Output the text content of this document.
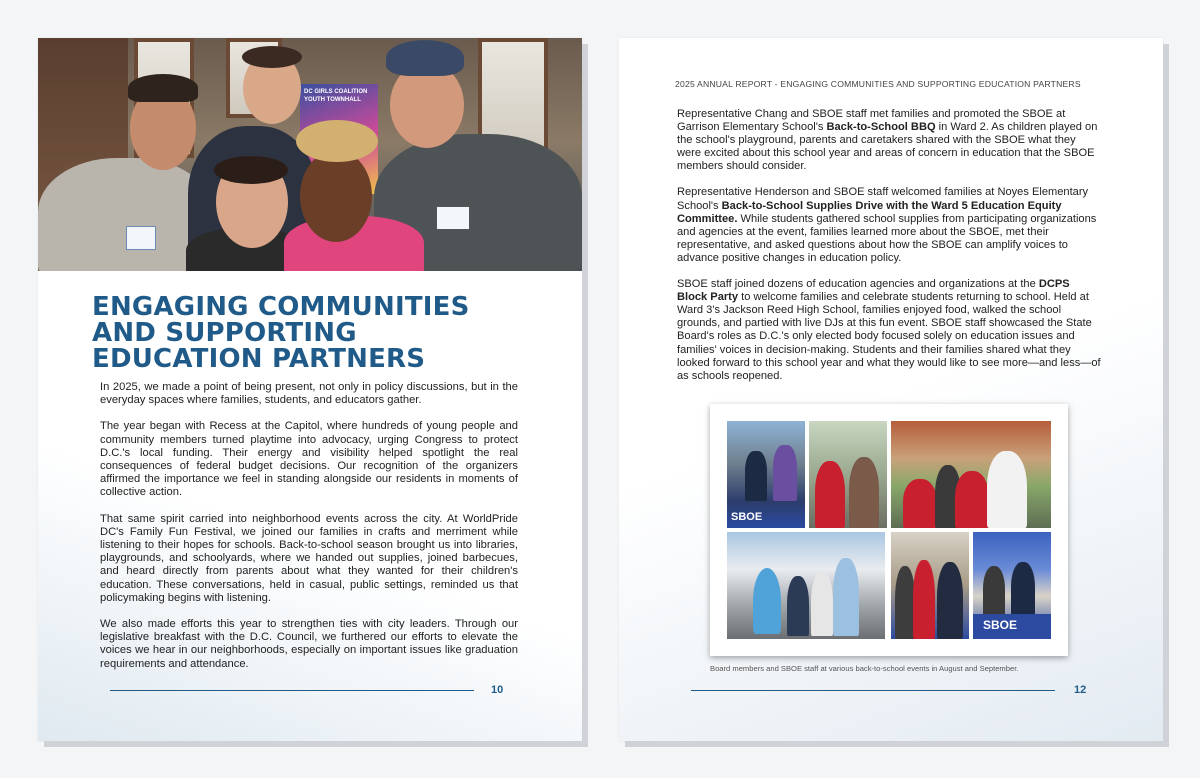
DC GIRLS COALITION YOUTH TOWNHALL
ENGAGING COMMUNITIES
AND SUPPORTING
EDUCATION PARTNERS

In 2025, we made a point of being present, not only in policy discussions, but in the everyday spaces where families, students, and educators gather.

The year began with Recess at the Capitol, where hundreds of young people and community members turned playtime into advocacy, urging Congress to protect D.C.'s local funding. Their energy and visibility helped spotlight the real consequences of federal budget decisions. Our recognition of the organizers affirmed the importance we feel in standing alongside our residents in moments of collective action.

That same spirit carried into neighborhood events across the city. At WorldPride DC's Family Fun Festival, we joined our families in crafts and merriment while listening to their hopes for schools. Back-to-school season brought us into libraries, playgrounds, and schoolyards, where we handed out supplies, joined barbecues, and heard directly from parents about what they wanted for their children's education. These conversations, held in casual, public settings, reminded us that policymaking begins with listening.

We also made efforts this year to strengthen ties with city leaders. Through our legislative breakfast with the D.C. Council, we furthered our efforts to elevate the voices we hear in our neighborhoods, especially on important issues like graduation requirements and attendance.

10
2025 ANNUAL REPORT - ENGAGING COMMUNITIES AND SUPPORTING EDUCATION PARTNERS

Representative Chang and SBOE staff met families and promoted the SBOE at Garrison Elementary School's Back-to-School BBQ in Ward 2. As children played on the school's playground, parents and caretakers shared with the SBOE what they were excited about this school year and areas of concern in education that the SBOE members should consider.

Representative Henderson and SBOE staff welcomed families at Noyes Elementary School's Back-to-School Supplies Drive with the Ward 5 Education Equity Committee. While students gathered school supplies from participating organizations and agencies at the event, families learned more about the SBOE, met their representative, and asked questions about how the SBOE can amplify voices to advance positive changes in education policy.

SBOE staff joined dozens of education agencies and organizations at the DCPS Block Party to welcome families and celebrate students returning to school. Held at Ward 3's Jackson Reed High School, families enjoyed food, walked the school grounds, and partied with live DJs at this fun event. SBOE staff showcased the State Board's roles as D.C.'s only elected body focused solely on education issues and families' voices in decision-making. Students and their families shared what they looked forward to this school year and what they would like to see more—and less—of as schools reopened.

SBOE
SBOE
Board members and SBOE staff at various back-to-school events in August and September.
12
